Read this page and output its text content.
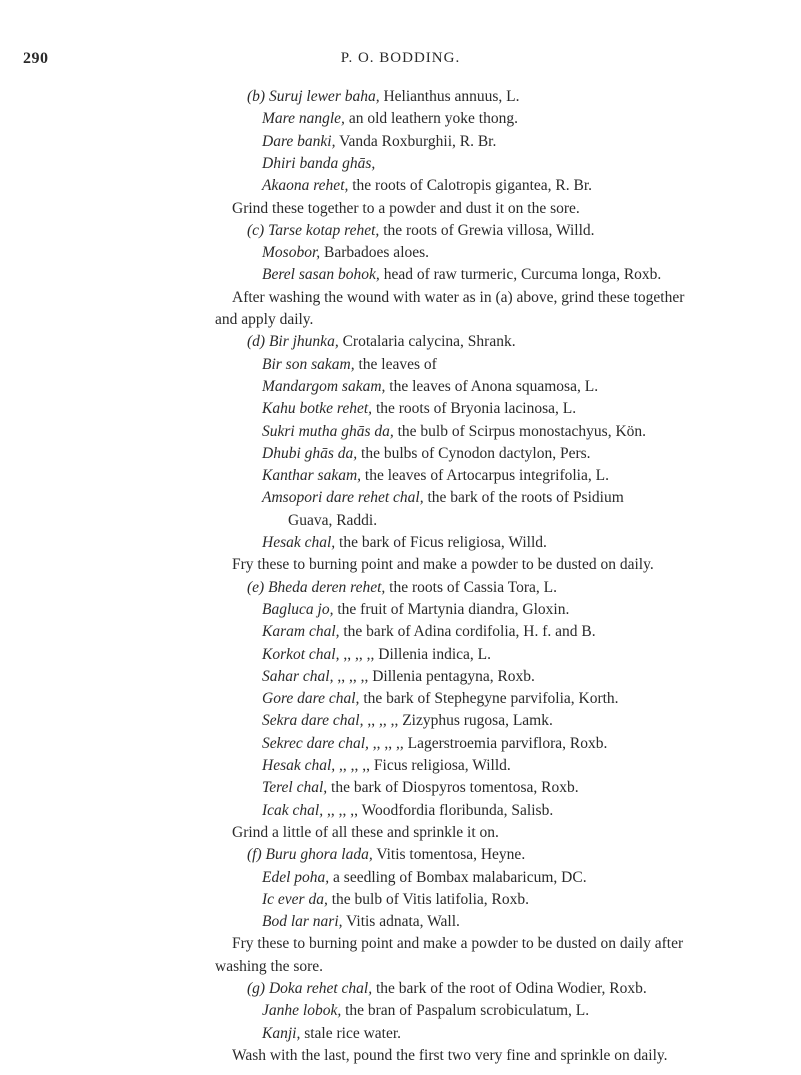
290	P. O. BODDING.
(b) Suruj lewer baha, Helianthus annuus, L.
Mare nangle, an old leathern yoke thong.
Dare banki, Vanda Roxburghii, R. Br.
Dhiri banda ghās,
Akaona rehet, the roots of Calotropis gigantea, R. Br.
Grind these together to a powder and dust it on the sore.
(c) Tarse kotap rehet, the roots of Grewia villosa, Willd.
Mosobor, Barbadoes aloes.
Berel sasan bohok, head of raw turmeric, Curcuma longa, Roxb.
After washing the wound with water as in (a) above, grind these together
and apply daily.
(d) Bir jhunka, Crotalaria calycina, Shrank.
Bir son sakam, the leaves of
Mandargom sakam, the leaves of Anona squamosa, L.
Kahu botke rehet, the roots of Bryonia lacinosa, L.
Sukri mutha ghās da, the bulb of Scirpus monostachyus, Kön.
Dhubi ghās da, the bulbs of Cynodon dactylon, Pers.
Kanthar sakam, the leaves of Artocarpus integrifolia, L.
Amsopori dare rehet chal, the bark of the roots of Psidium
Guava, Raddi.
Hesak chal, the bark of Ficus religiosa, Willd.
Fry these to burning point and make a powder to be dusted on daily.
(e) Bheda deren rehet, the roots of Cassia Tora, L.
Bagluca jo, the fruit of Martynia diandra, Gloxin.
Karam chal, the bark of Adina cordifolia, H. f. and B.
Korkot chal, ,, ,, ,, Dillenia indica, L.
Sahar chal, ,, ,, ,, Dillenia pentagyna, Roxb.
Gore dare chal, the bark of Stephegyne parvifolia, Korth.
Sekra dare chal, ,, ,, ,, Zizyphus rugosa, Lamk.
Sekrec dare chal, ,, ,, ,, Lagerstroemia parviflora, Roxb.
Hesak chal, ,, ,, ,, Ficus religiosa, Willd.
Terel chal, the bark of Diospyros tomentosa, Roxb.
Icak chal, ,, ,, ,, Woodfordia floribunda, Salisb.
Grind a little of all these and sprinkle it on.
(f) Buru ghora lada, Vitis tomentosa, Heyne.
Edel poha, a seedling of Bombax malabaricum, DC.
Ic ever da, the bulb of Vitis latifolia, Roxb.
Bod lar nari, Vitis adnata, Wall.
Fry these to burning point and make a powder to be dusted on daily after
washing the sore.
(g) Doka rehet chal, the bark of the root of Odina Wodier, Roxb.
Janhe lobok, the bran of Paspalum scrobiculatum, L.
Kanji, stale rice water.
Wash with the last, pound the first two very fine and sprinkle on daily.
